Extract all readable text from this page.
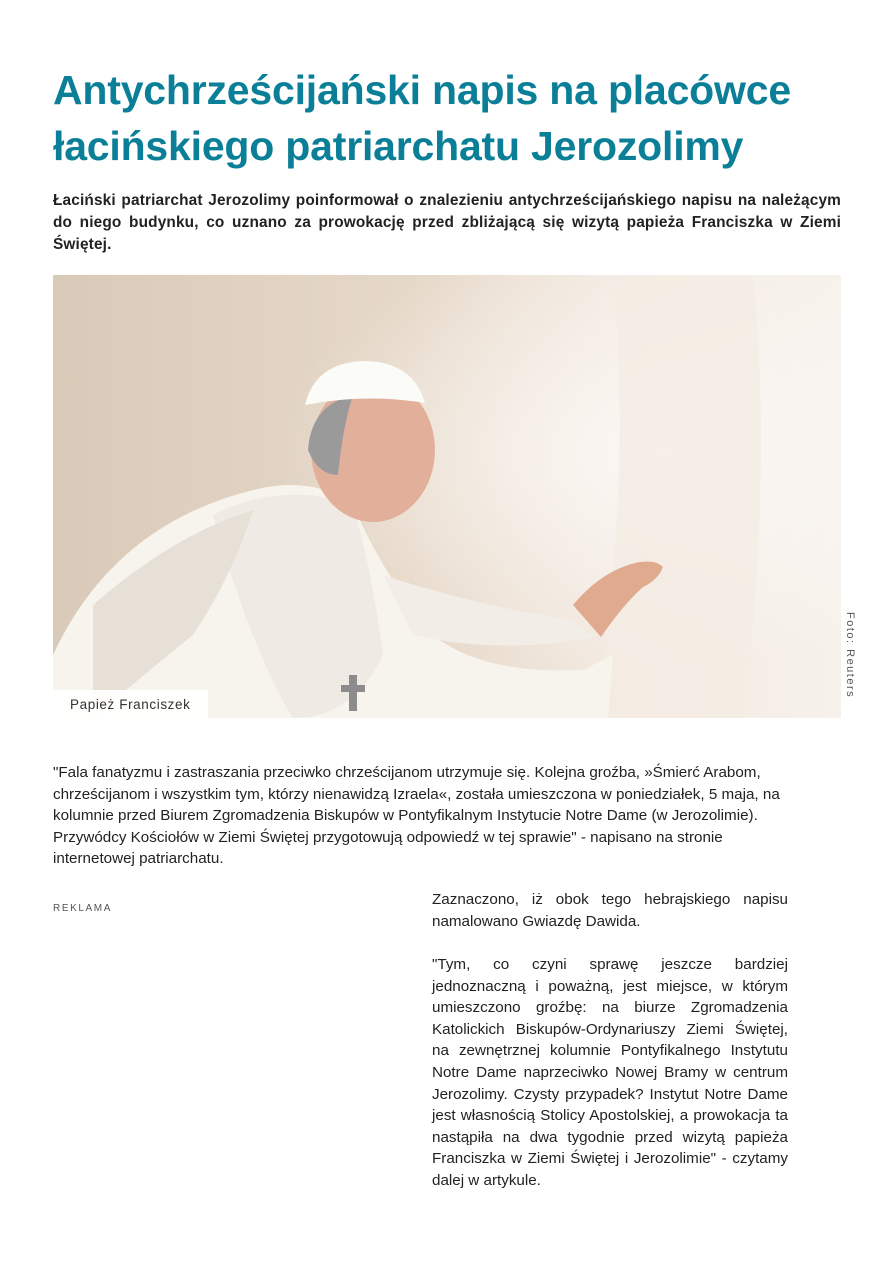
Antychrześcijański napis na placówce łacińskiego patriarchatu Jerozolimy

Łaciński patriarchat Jerozolimy poinformował o znalezieniu antychrześcijańskiego napisu na należącym do niego budynku, co uznano za prowokację przed zbliżającą się wizytą papieża Franciszka w Ziemi Świętej.

Papież Franciszek
Foto: Reuters

"Fala fanatyzmu i zastraszania przeciwko chrześcijanom utrzymuje się. Kolejna groźba, »Śmierć Arabom, chrześcijanom i wszystkim tym, którzy nienawidzą Izraela«, została umieszczona w poniedziałek, 5 maja, na kolumnie przed Biurem Zgromadzenia Biskupów w Pontyfikalnym Instytucie Notre Dame (w Jerozolimie). Przywódcy Kościołów w Ziemi Świętej przygotowują odpowiedź w tej sprawie" - napisano na stronie internetowej patriarchatu.

REKLAMA

Zaznaczono, iż obok tego hebrajskiego napisu namalowano Gwiazdę Dawida.

"Tym, co czyni sprawę jeszcze bardziej jednoznaczną i poważną, jest miejsce, w którym umieszczono groźbę: na biurze Zgromadzenia Katolickich Biskupów-Ordynariuszy Ziemi Świętej, na zewnętrznej kolumnie Pontyfikalnego Instytutu Notre Dame naprzeciwko Nowej Bramy w centrum Jerozolimy. Czysty przypadek? Instytut Notre Dame jest własnością Stolicy Apostolskiej, a prowokacja ta nastąpiła na dwa tygodnie przed wizytą papieża Franciszka w Ziemi Świętej i Jerozolimie" - czytamy dalej w artykule.
